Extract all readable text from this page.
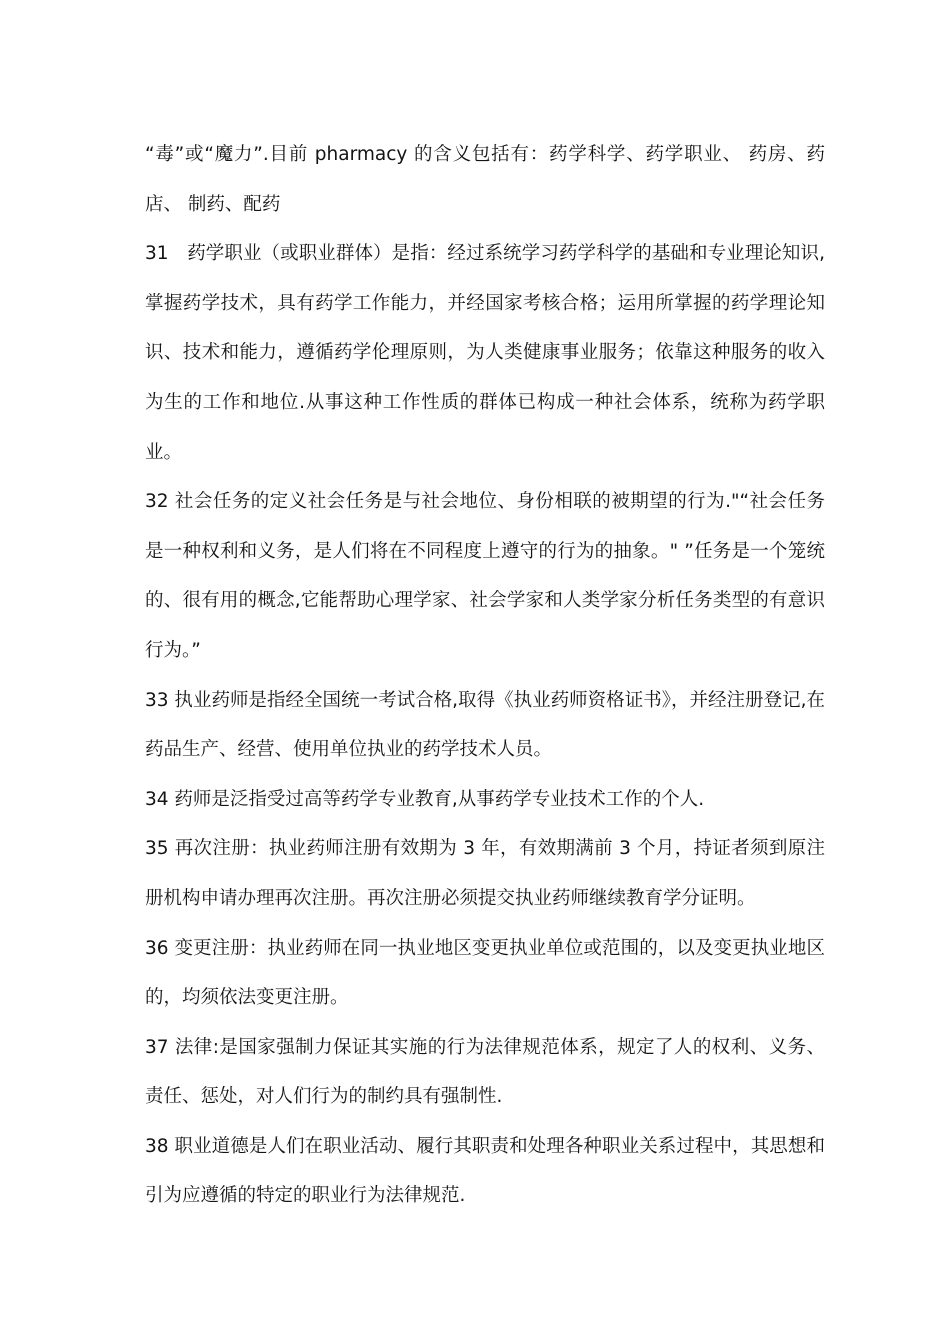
“毒”或“魔力”.目前 pharmacy 的含义包括有：药学科学、药学职业、 药房、药店、 制药、配药

31　药学职业（或职业群体）是指：经过系统学习药学科学的基础和专业理论知识,掌握药学技术，具有药学工作能力，并经国家考核合格；运用所掌握的药学理论知识、技术和能力，遵循药学伦理原则，为人类健康事业服务；依靠这种服务的收入为生的工作和地位.从事这种工作性质的群体已构成一种社会体系，统称为药学职业。

32 社会任务的定义社会任务是与社会地位、身份相联的被期望的行为."“社会任务是一种权利和义务，是人们将在不同程度上遵守的行为的抽象。" ”任务是一个笼统的、很有用的概念,它能帮助心理学家、社会学家和人类学家分析任务类型的有意识行为。”

33 执业药师是指经全国统一考试合格,取得《执业药师资格证书》，并经注册登记,在药品生产、经营、使用单位执业的药学技术人员。

34 药师是泛指受过高等药学专业教育,从事药学专业技术工作的个人.

35 再次注册：执业药师注册有效期为 3 年，有效期满前 3 个月，持证者须到原注册机构申请办理再次注册。再次注册必须提交执业药师继续教育学分证明。

36 变更注册：执业药师在同一执业地区变更执业单位或范围的，以及变更执业地区的，均须依法变更注册。

37 法律:是国家强制力保证其实施的行为法律规范体系，规定了人的权利、义务、责任、惩处，对人们行为的制约具有强制性.

38 职业道德是人们在职业活动、履行其职责和处理各种职业关系过程中，其思想和引为应遵循的特定的职业行为法律规范.
